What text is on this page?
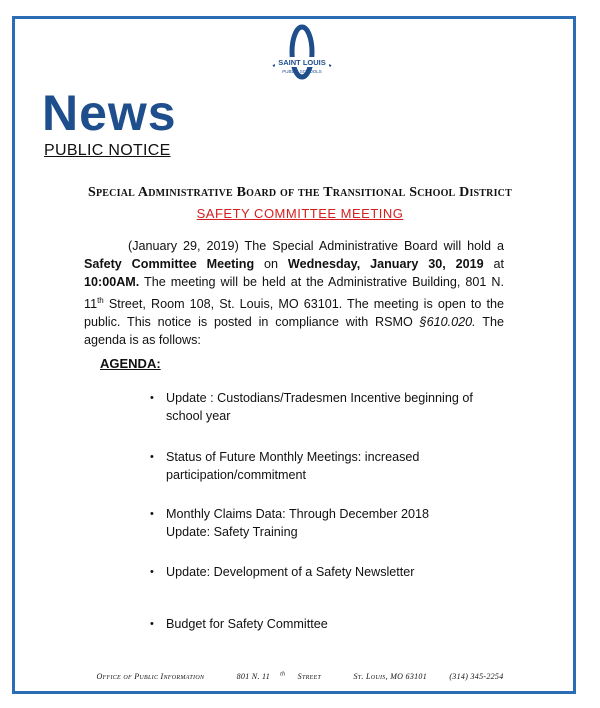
SAINT LOUIS
PUBLIC SCHOOLS
News

PUBLIC NOTICE

Special Administrative Board of the Transitional School District
SAFETY COMMITTEE MEETING

(January 29, 2019) The Special Administrative Board will hold a Safety Committee Meeting on Wednesday, January 30, 2019 at 10:00AM. The meeting will be held at the Administrative Building, 801 N. 11th Street, Room 108, St. Louis, MO 63101. The meeting is open to the public. This notice is posted in compliance with RSMO §610.020. The agenda is as follows:

AGENDA:
• Update : Custodians/Tradesmen Incentive beginning of
school year
• Status of Future Monthly Meetings: increased
participation/commitment
• Monthly Claims Data: Through December 2018
Update: Safety Training
• Update: Development of a Safety Newsletter
• Budget for Safety Committee
Office of Public Information	801 N. 11 $^{th}$ Street	St. Louis, MO 63101	(314) 345-2254
